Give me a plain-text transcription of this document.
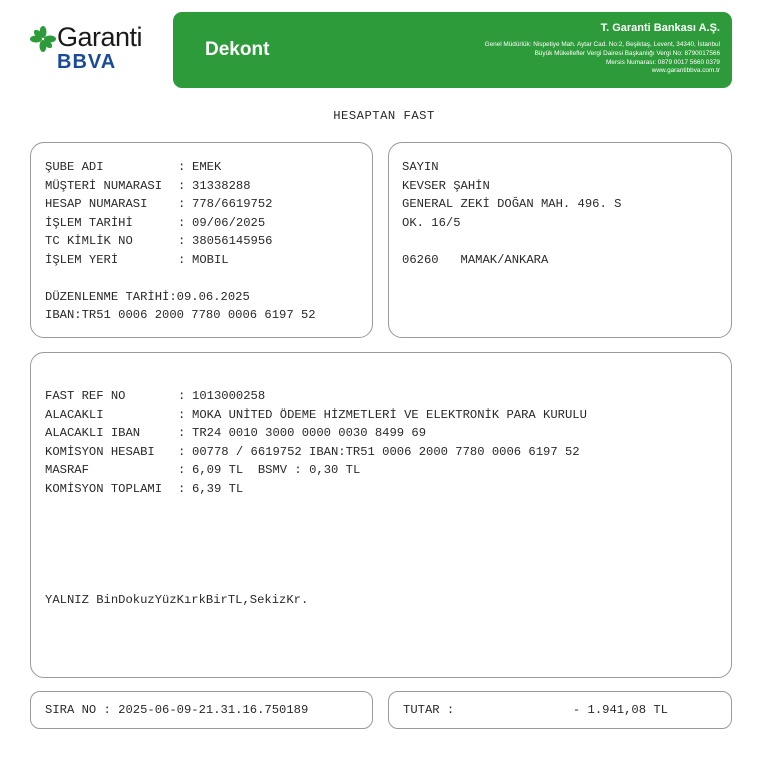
Garanti
BBVA
Dekont
T. Garanti Bankası A.Ş.
Genel Müdürlük: Nispetiye Mah. Aytar Cad. No:2, Beşiktaş, Levent, 34340, İstanbul
Büyük Mükellefler Vergi Dairesi Başkanlığı Vergi No: 8790017566
Mersis Numarası: 0879 0017 5660 0379
www.garantibbva.com.tr
HESAPTAN FAST
ŞUBE ADI	: EMEK
MÜŞTERİ NUMARASI : 31338288
HESAP NUMARASI	: 778/6619752
İŞLEM TARİHİ	: 09/06/2025
TC KİMLİK NO	: 38056145956
İŞLEM YERİ	: MOBIL
DÜZENLENME TARİHİ:09.06.2025
IBAN:TR51 0006 2000 7780 0006 6197 52
SAYIN
KEVSER ŞAHİN
GENERAL ZEKİ DOĞAN MAH. 496. S
OK. 16/5
06260 MAMAK/ANKARA
FAST REF NO	: 1013000258
ALACAKLI	: MOKA UNİTED ÖDEME HİZMETLERİ VE ELEKTRONİK PARA KURULU
ALACAKLI IBAN	: TR24 0010 3000 0000 0030 8499 69
KOMİSYON HESABI : 00778 / 6619752 IBAN:TR51 0006 2000 7780 0006 6197 52
MASRAF	: 6,09 TL BSMV : 0,30 TL
KOMİSYON TOPLAMI : 6,39 TL
YALNIZ BinDokuzYüzKırkBirTL,SekizKr.
SIRA NO : 2025-06-09-21.31.16.750189	TUTAR :	- 1.941,08 TL
